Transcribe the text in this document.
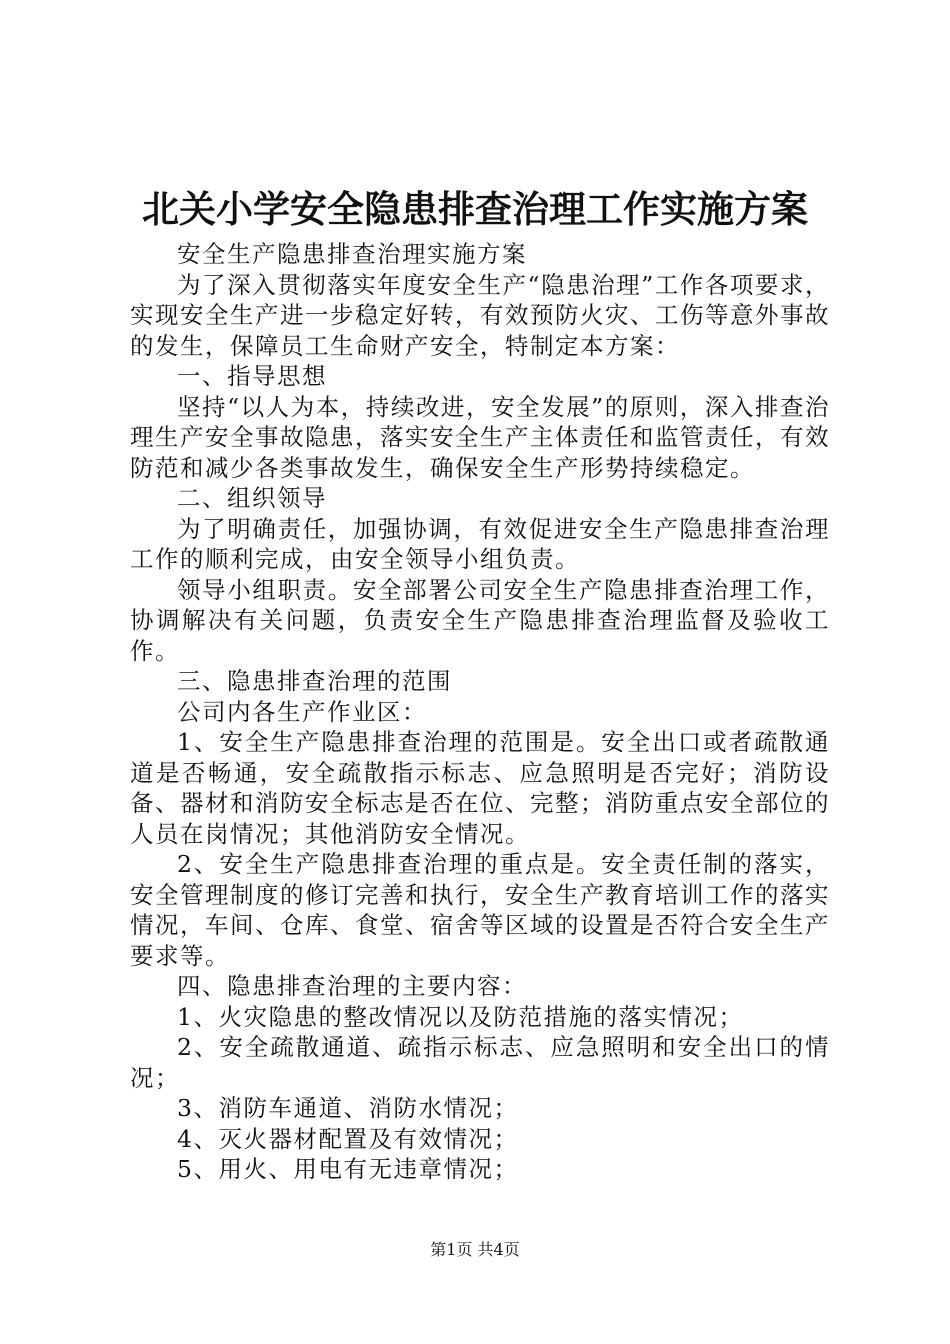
北关小学安全隐患排查治理工作实施方案

安全生产隐患排查治理实施方案

为了深入贯彻落实年度安全生产“隐患治理”工作各项要求，实现安全生产进一步稳定好转，有效预防火灾、工伤等意外事故的发生，保障员工生命财产安全，特制定本方案：

一、指导思想

坚持“以人为本，持续改进，安全发展”的原则，深入排查治理生产安全事故隐患，落实安全生产主体责任和监管责任，有效防范和减少各类事故发生，确保安全生产形势持续稳定。

二、组织领导

为了明确责任，加强协调，有效促进安全生产隐患排查治理工作的顺利完成，由安全领导小组负责。

领导小组职责。安全部署公司安全生产隐患排查治理工作，协调解决有关问题，负责安全生产隐患排查治理监督及验收工作。

三、隐患排查治理的范围

公司内各生产作业区：

1、安全生产隐患排查治理的范围是。安全出口或者疏散通道是否畅通，安全疏散指示标志、应急照明是否完好；消防设备、器材和消防安全标志是否在位、完整；消防重点安全部位的人员在岗情况；其他消防安全情况。

2、安全生产隐患排查治理的重点是。安全责任制的落实，安全管理制度的修订完善和执行，安全生产教育培训工作的落实情况，车间、仓库、食堂、宿舍等区域的设置是否符合安全生产要求等。

四、隐患排查治理的主要内容：

1、火灾隐患的整改情况以及防范措施的落实情况；

2、安全疏散通道、疏指示标志、应急照明和安全出口的情况；

3、消防车通道、消防水情况；

4、灭火器材配置及有效情况；

5、用火、用电有无违章情况；

第1页 共4页
